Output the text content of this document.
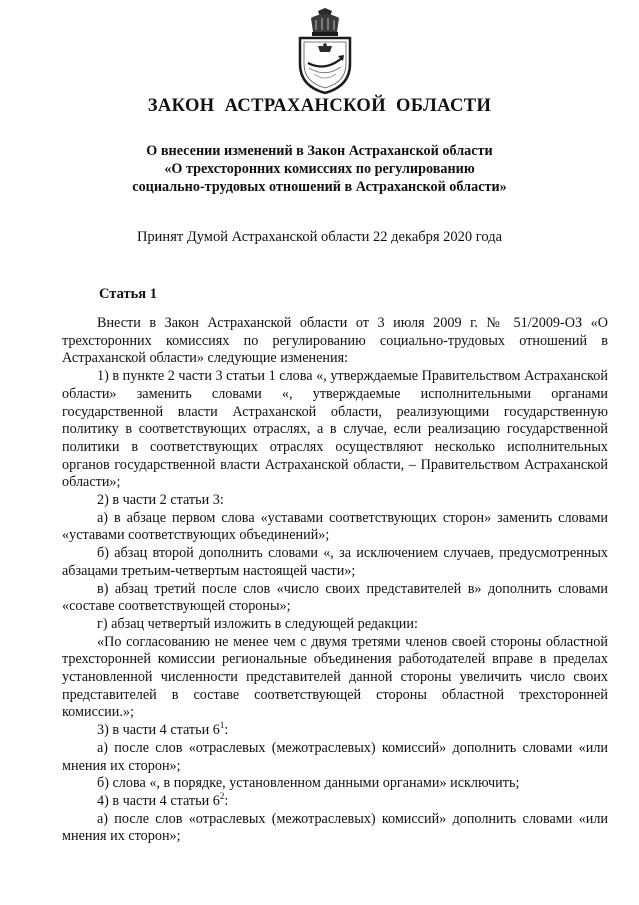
ЗАКОН АСТРАХАНСКОЙ ОБЛАСТИ
О внесении изменений в Закон Астраханской области
«О трехсторонних комиссиях по регулированию
социально-трудовых отношений в Астраханской области»
Принят Думой Астраханской области 22 декабря 2020 года
Статья 1

Внести в Закон Астраханской области от 3 июля 2009 г. № 51/2009-ОЗ «О трехсторонних комиссиях по регулированию социально-трудовых отношений в Астраханской области» следующие изменения:

1) в пункте 2 части 3 статьи 1 слова «, утверждаемые Правительством Астраханской области» заменить словами «, утверждаемые исполнительными органами государственной власти Астраханской области, реализующими государственную политику в соответствующих отраслях, а в случае, если реализацию государственной политики в соответствующих отраслях осуществляют несколько исполнительных органов государственной власти Астраханской области, – Правительством Астраханской области»;

2) в части 2 статьи 3:

а) в абзаце первом слова «уставами соответствующих сторон» заменить словами «уставами соответствующих объединений»;

б) абзац второй дополнить словами «, за исключением случаев, предусмотренных абзацами третьим-четвертым настоящей части»;

в) абзац третий после слов «число своих представителей в» дополнить словами «составе соответствующей стороны»;

г) абзац четвертый изложить в следующей редакции:

«По согласованию не менее чем с двумя третями членов своей стороны областной трехсторонней комиссии региональные объединения работодателей вправе в пределах установленной численности представителей данной стороны увеличить число своих представителей в составе соответствующей стороны областной трехсторонней комиссии.»;

3) в части 4 статьи $6^1$:

а) после слов «отраслевых (межотраслевых) комиссий» дополнить словами «или мнения их сторон»;

б) слова «, в порядке, установленном данными органами» исключить;

4) в части 4 статьи $6^2$:

а) после слов «отраслевых (межотраслевых) комиссий» дополнить словами «или мнения их сторон»;
